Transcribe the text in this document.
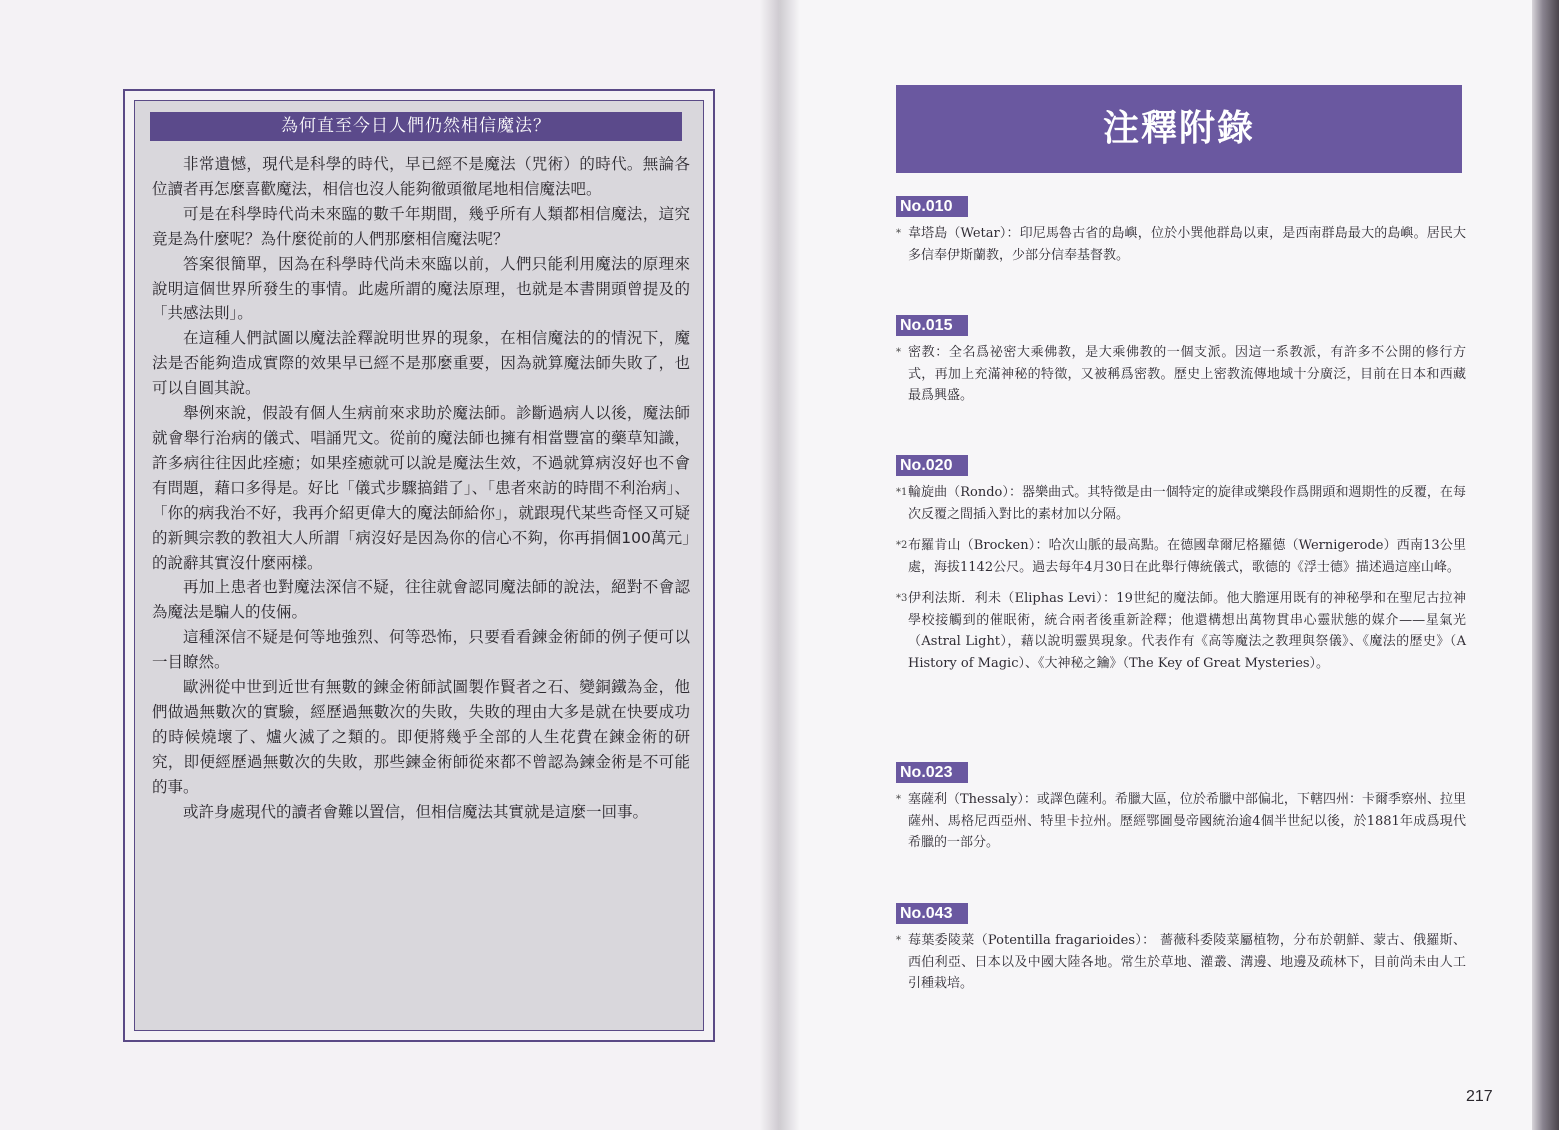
為何直至今日人們仍然相信魔法？

非常遺憾，現代是科學的時代，早已經不是魔法（咒術）的時代。無論各位讀者再怎麼喜歡魔法，相信也沒人能夠徹頭徹尾地相信魔法吧。

可是在科學時代尚未來臨的數千年期間，幾乎所有人類都相信魔法，這究竟是為什麼呢？為什麼從前的人們那麼相信魔法呢？

答案很簡單，因為在科學時代尚未來臨以前，人們只能利用魔法的原理來說明這個世界所發生的事情。此處所謂的魔法原理，也就是本書開頭曾提及的「共感法則」。

在這種人們試圖以魔法詮釋說明世界的現象，在相信魔法的的情況下，魔法是否能夠造成實際的效果早已經不是那麼重要，因為就算魔法師失敗了，也可以自圓其說。

舉例來說，假設有個人生病前來求助於魔法師。診斷過病人以後，魔法師就會舉行治病的儀式、唱誦咒文。從前的魔法師也擁有相當豐富的藥草知識，許多病往往因此痊癒；如果痊癒就可以說是魔法生效，不過就算病沒好也不會有問題，藉口多得是。好比「儀式步驟搞錯了」、「患者來訪的時間不利治病」、「你的病我治不好，我再介紹更偉大的魔法師給你」，就跟現代某些奇怪又可疑的新興宗教的教祖大人所謂「病沒好是因為你的信心不夠，你再捐個100萬元」的說辭其實沒什麼兩樣。

再加上患者也對魔法深信不疑，往往就會認同魔法師的說法，絕對不會認為魔法是騙人的伎倆。

這種深信不疑是何等地強烈、何等恐怖，只要看看鍊金術師的例子便可以一目瞭然。

歐洲從中世到近世有無數的鍊金術師試圖製作賢者之石、變銅鐵為金，他們做過無數次的實驗，經歷過無數次的失敗，失敗的理由大多是就在快要成功的時候燒壞了、爐火滅了之類的。即便將幾乎全部的人生花費在鍊金術的研究，即便經歷過無數次的失敗，那些鍊金術師從來都不曾認為鍊金術是不可能的事。

或許身處現代的讀者會難以置信，但相信魔法其實就是這麼一回事。

注釋附錄
No.010
* 韋塔島（Wetar）：印尼馬魯古省的島嶼，位於小巽他群島以東，是西南群島最大的島嶼。居民大多信奉伊斯蘭教，少部分信奉基督教。
No.015
* 密教：全名爲祕密大乘佛教，是大乘佛教的一個支派。因這一系教派，有許多不公開的修行方式，再加上充滿神秘的特徵，又被稱爲密教。歷史上密教流傳地域十分廣泛，目前在日本和西藏最爲興盛。
No.020
*1 輪旋曲（Rondo）：器樂曲式。其特徵是由一個特定的旋律或樂段作爲開頭和週期性的反覆，在每次反覆之間插入對比的素材加以分隔。
*2 布羅肯山（Brocken）：哈次山脈的最高點。在德國韋爾尼格羅德（Wernigerode）西南13公里處，海拔1142公尺。過去每年4月30日在此舉行傳統儀式，歌德的《浮士德》描述過這座山峰。
*3 伊利法斯．利未（Eliphas Levi）：19世紀的魔法師。他大膽運用既有的神秘學和在聖尼古拉神學校接觸到的催眠術，統合兩者後重新詮釋；他還構想出萬物貫串心靈狀態的媒介——星氣光（Astral Light），藉以說明靈異現象。代表作有《高等魔法之教理與祭儀》、《魔法的歷史》（A History of Magic）、《大神秘之鑰》（The Key of Great Mysteries）。
No.023
* 塞薩利（Thessaly）：或譯色薩利。希臘大區，位於希臘中部偏北，下轄四州：卡爾季察州、拉里薩州、馬格尼西亞州、特里卡拉州。歷經鄂圖曼帝國統治逾4個半世紀以後，於1881年成爲現代希臘的一部分。
No.043
* 莓葉委陵菜（Potentilla fragarioides）： 薔薇科委陵菜屬植物，分布於朝鮮、蒙古、俄羅斯、西伯利亞、日本以及中國大陸各地。常生於草地、灌叢、溝邊、地邊及疏林下，目前尚未由人工引種栽培。
217
